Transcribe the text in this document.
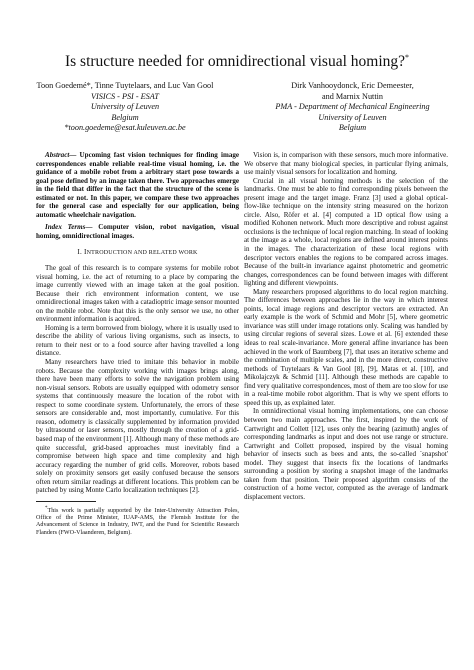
Is structure needed for omnidirectional visual homing?*
Toon Goedemé*, Tinne Tuytelaars, and Luc Van Gool
VISICS - PSI - ESAT
University of Leuven
Belgium
*toon.goedeme@esat.kuleuven.ac.be
Dirk Vanhooydonck, Eric Demeester,
and Marnix Nuttin
PMA - Department of Mechanical Engineering
University of Leuven
Belgium

Abstract— Upcoming fast vision techniques for finding image correspondences enable reliable real-time visual homing, i.e. the guidance of a mobile robot from a arbitrary start pose towards a goal pose defined by an image taken there. Two approaches emerge in the field that differ in the fact that the structure of the scene is estimated or not. In this paper, we compare these two approaches for the general case and especially for our application, being automatic wheelchair navigation.

Index Terms— Computer vision, robot navigation, visual homing, omnidirectional images.

I. INTRODUCTION AND RELATED WORK

The goal of this research is to compare systems for mobile robot visual homing, i.e. the act of returning to a place by comparing the image currently viewed with an image taken at the goal position. Because their rich environment information content, we use omnidirectional images taken with a catadioptric image sensor mounted on the mobile robot. Note that this is the only sensor we use, no other environment information is acquired.

Homing is a term borrowed from biology, where it is usually used to describe the ability of various living organisms, such as insects, to return to their nest or to a food source after having travelled a long distance.

Many researchers have tried to imitate this behavior in mobile robots. Because the complexity working with images brings along, there have been many efforts to solve the navigation problem using non-visual sensors. Robots are usually equipped with odometry sensor systems that continuously measure the location of the robot with respect to some coordinate system. Unfortunately, the errors of these sensors are considerable and, most importantly, cumulative. For this reason, odometry is classically supplemented by information provided by ultrasound or laser sensors, mostly through the creation of a grid-based map of the environment [1]. Although many of these methods are quite successful, grid-based approaches must inevitably find a compromise between high space and time complexity and high accuracy regarding the number of grid cells. Moreover, robots based solely on proximity sensors get easily confused because the sensors often return similar readings at different locations. This problem can be patched by using Monte Carlo localization techniques [2].

*This work is partially supported by the Inter-University Attraction Poles, Office of the Prime Minister, IUAP-AMS, the Flemish Institute for the Advancement of Science in Industry, IWT, and the Fund for Scientific Research Flanders (FWO-Vlaanderen, Belgium).

Vision is, in comparison with these sensors, much more informative. We observe that many biological species, in particular flying animals, use mainly visual sensors for localization and homing.

Crucial in all visual homing methods is the selection of the landmarks. One must be able to find corresponding pixels between the present image and the target image. Franz [3] used a global optical-flow-like technique on the intensity string measured on the horizon circle. Also, Röfer et al. [4] computed a 1D optical flow using a modified Kohonen network. Much more descriptive and robust against occlusions is the technique of local region matching. In stead of looking at the image as a whole, local regions are defined around interest points in the images. The characterization of these local regions with descriptor vectors enables the regions to be compared across images. Because of the built-in invariance against photometric and geometric changes, correspondences can be found between images with different lighting and different viewpoints.

Many researchers proposed algorithms to do local region matching. The differences between approaches lie in the way in which interest points, local image regions and descriptor vectors are extracted. An early example is the work of Schmid and Mohr [5], where geometric invariance was still under image rotations only. Scaling was handled by using circular regions of several sizes. Lowe et al. [6] extended these ideas to real scale-invariance. More general affine invariance has been achieved in the work of Baumberg [7], that uses an iterative scheme and the combination of multiple scales, and in the more direct, constructive methods of Tuytelaars & Van Gool [8], [9], Matas et al. [10], and Mikolajczyk & Schmid [11]. Although these methods are capable to find very qualitative correspondences, most of them are too slow for use in a real-time mobile robot algorithm. That is why we spent efforts to speed this up, as explained later.

In omnidirectional visual homing implementations, one can choose between two main approaches. The first, inspired by the work of Cartwright and Collett [12], uses only the bearing (azimuth) angles of corresponding landmarks as input and does not use range or structure. Cartwright and Collett proposed, inspired by the visual homing behavior of insects such as bees and ants, the so-called `snapshot' model. They suggest that insects fix the locations of landmarks surrounding a position by storing a snapshot image of the landmarks taken from that position. Their proposed algorithm consists of the construction of a home vector, computed as the average of landmark displacement vectors.
